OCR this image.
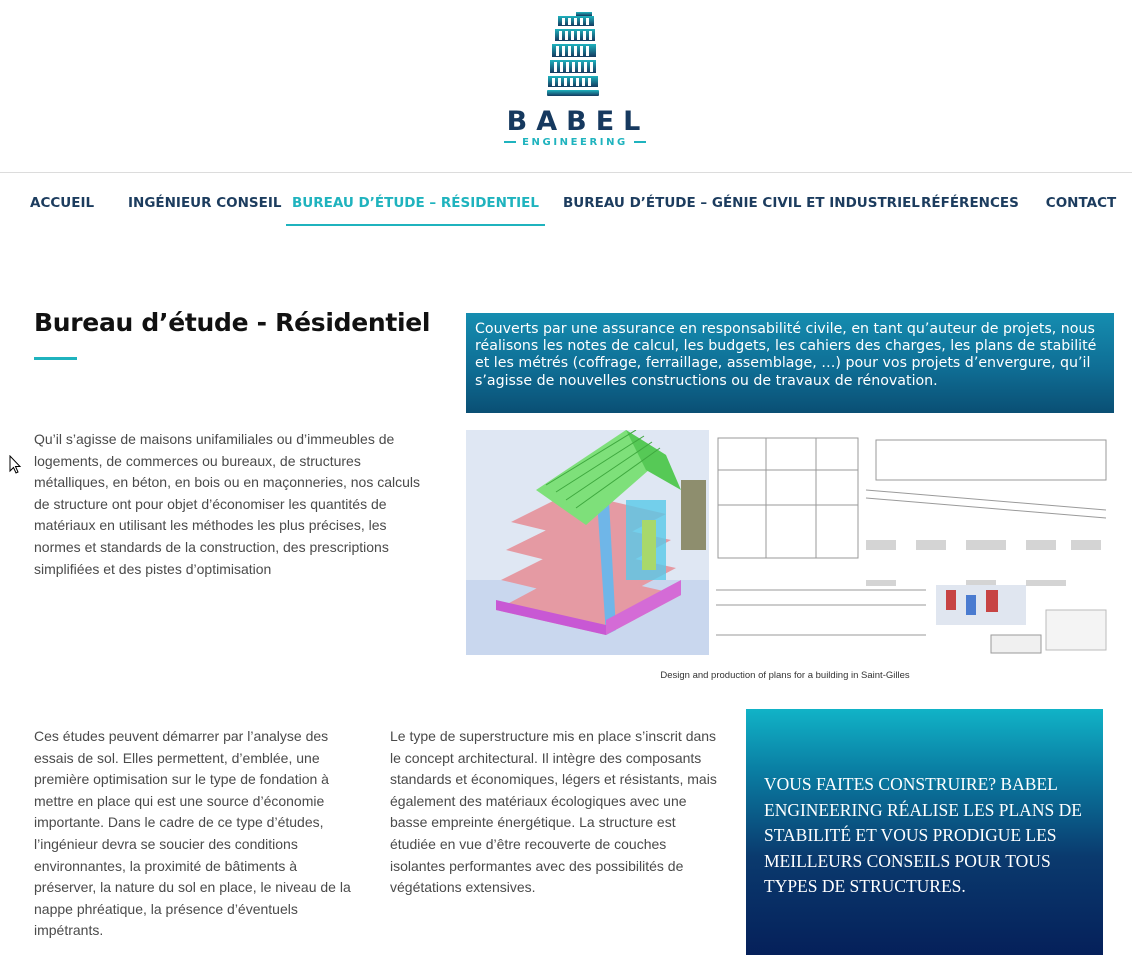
BABEL
ENGINEERING
ACCUEIL	INGÉNIEUR CONSEIL BUREAU D’ÉTUDE – RÉSIDENTIEL	BUREAU D’ÉTUDE – GÉNIE CIVIL ET INDUSTRIEL RÉFÉRENCES CONTACT
Bureau d’étude - Résidentiel	Couverts par une assurance en responsabilité civile, en tant qu’auteur de projets, nous réalisons les notes de calcul, les budgets, les cahiers des charges, les plans de stabilité et les métrés (coffrage, ferraillage, assemblage, …) pour vos projets d’envergure, qu’il s’agisse de nouvelles constructions ou de travaux de rénovation.

Qu’il s’agisse de maisons unifamiliales ou d’immeubles de logements, de commerces ou bureaux, de structures métalliques, en béton, en bois ou en maçonneries, nos calculs de structure ont pour objet d’économiser les quantités de matériaux en utilisant les méthodes les plus précises, les normes et standards de la construction, des prescriptions simplifiées et des pistes d’optimisation

Design and production of plans for a building in Saint-Gilles

Ces études peuvent démarrer par l’analyse des essais de sol. Elles permettent, d’emblée, une première optimisation sur le type de fondation à mettre en place qui est une source d’économie importante. Dans le cadre de ce type d’études, l’ingénieur devra se soucier des conditions environnantes, la proximité de bâtiments à préserver, la nature du sol en place, le niveau de la nappe phréatique, la présence d’éventuels impétrants.

Le type de superstructure mis en place s’inscrit dans le concept architectural. Il intègre des composants standards et économiques, légers et résistants, mais également des matériaux écologiques avec une basse empreinte énergétique. La structure est étudiée en vue d’être recouverte de couches isolantes performantes avec des possibilités de végétations extensives.

VOUS FAITES CONSTRUIRE? BABEL ENGINEERING RÉALISE LES PLANS DE STABILITÉ ET VOUS PRODIGUE LES MEILLEURS CONSEILS POUR TOUS TYPES DE STRUCTURES.
